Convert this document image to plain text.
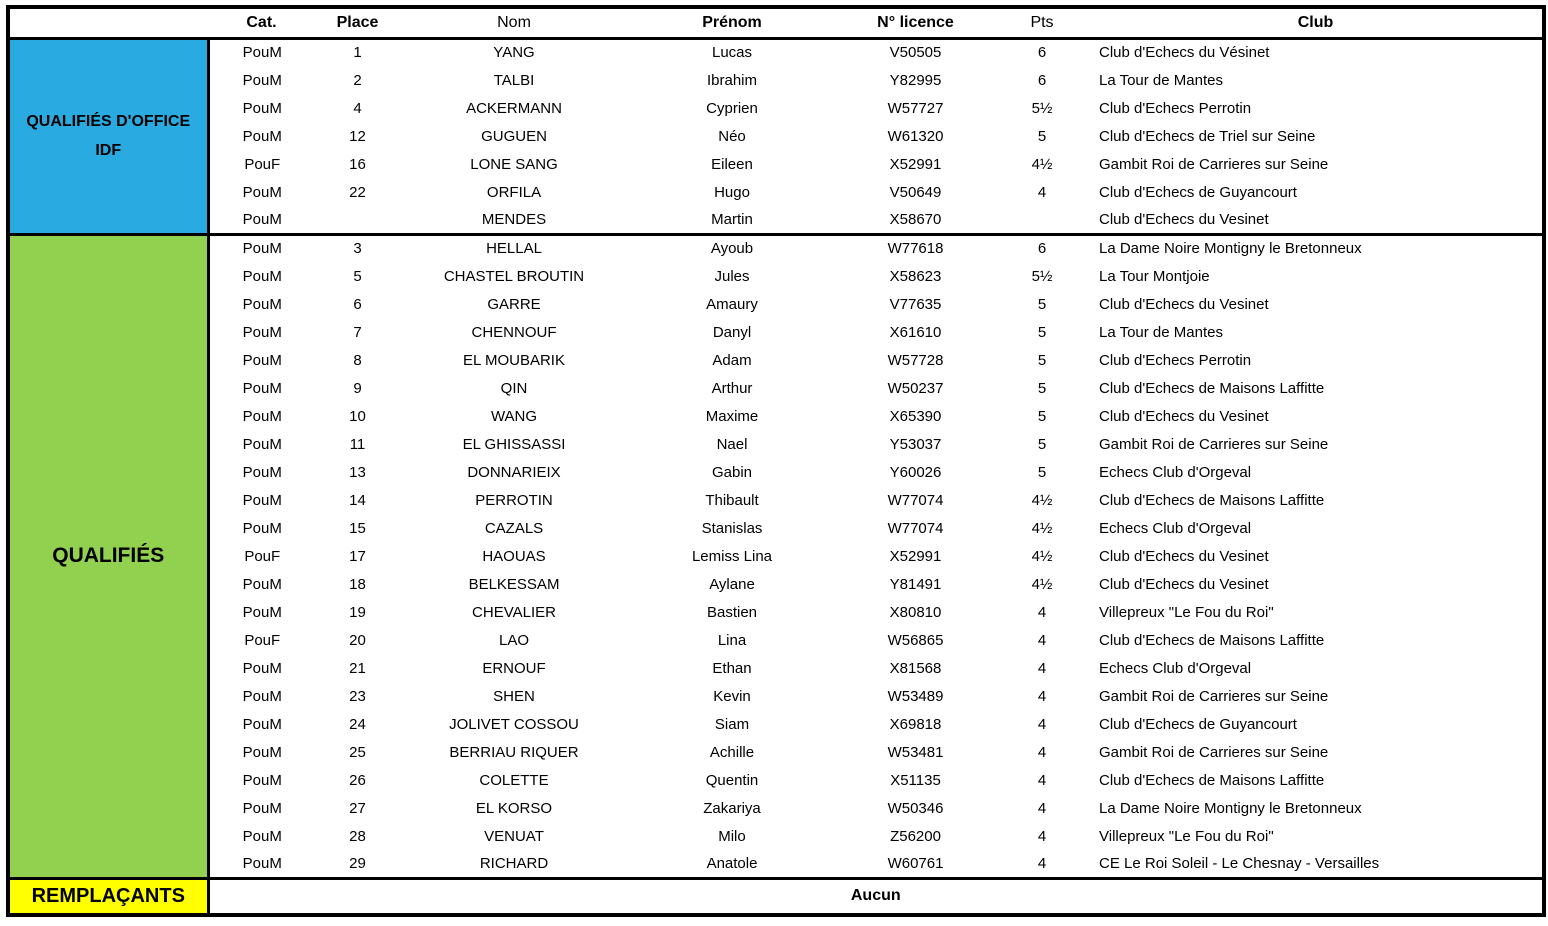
	Cat.	Place	Nom	Prénom	N° licence	Pts	Club

QUALIFIÉS D'OFFICE
IDF	PouM	1	YANG	Lucas	V50505	6	Club d'Echecs du Vésinet
	PouM	2	TALBI	Ibrahim	Y82995	6	La Tour de Mantes
	PouM	4	ACKERMANN	Cyprien	W57727	5½	Club d'Echecs Perrotin
	PouM	12	GUGUEN	Néo	W61320	5	Club d'Echecs de Triel sur Seine
	PouF	16	LONE SANG	Eileen	X52991	4½	Gambit Roi de Carrieres sur Seine
	PouM	22	ORFILA	Hugo	V50649	4	Club d'Echecs de Guyancourt
	PouM		MENDES	Martin	X58670		Club d'Echecs du Vesinet

QUALIFIÉS	PouM	3	HELLAL	Ayoub	W77618	6	La Dame Noire Montigny le Bretonneux
	PouM	5	CHASTEL BROUTIN	Jules	X58623	5½	La Tour Montjoie
	PouM	6	GARRE	Amaury	V77635	5	Club d'Echecs du Vesinet
	PouM	7	CHENNOUF	Danyl	X61610	5	La Tour de Mantes
	PouM	8	EL MOUBARIK	Adam	W57728	5	Club d'Echecs Perrotin
	PouM	9	QIN	Arthur	W50237	5	Club d'Echecs de Maisons Laffitte
	PouM	10	WANG	Maxime	X65390	5	Club d'Echecs du Vesinet
	PouM	11	EL GHISSASSI	Nael	Y53037	5	Gambit Roi de Carrieres sur Seine
	PouM	13	DONNARIEIX	Gabin	Y60026	5	Echecs Club d'Orgeval
	PouM	14	PERROTIN	Thibault	W77074	4½	Club d'Echecs de Maisons Laffitte
	PouM	15	CAZALS	Stanislas	W77074	4½	Echecs Club d'Orgeval
	PouF	17	HAOUAS	Lemiss Lina	X52991	4½	Club d'Echecs du Vesinet
	PouM	18	BELKESSAM	Aylane	Y81491	4½	Club d'Echecs du Vesinet
	PouM	19	CHEVALIER	Bastien	X80810	4	Villepreux "Le Fou du Roi"
	PouF	20	LAO	Lina	W56865	4	Club d'Echecs de Maisons Laffitte
	PouM	21	ERNOUF	Ethan	X81568	4	Echecs Club d'Orgeval
	PouM	23	SHEN	Kevin	W53489	4	Gambit Roi de Carrieres sur Seine
	PouM	24	JOLIVET COSSOU	Siam	X69818	4	Club d'Echecs de Guyancourt
	PouM	25	BERRIAU RIQUER	Achille	W53481	4	Gambit Roi de Carrieres sur Seine
	PouM	26	COLETTE	Quentin	X51135	4	Club d'Echecs de Maisons Laffitte
	PouM	27	EL KORSO	Zakariya	W50346	4	La Dame Noire Montigny le Bretonneux
	PouM	28	VENUAT	Milo	Z56200	4	Villepreux "Le Fou du Roi"
	PouM	29	RICHARD	Anatole	W60761	4	CE Le Roi Soleil - Le Chesnay - Versailles

REMPLAÇANTS	Aucun						
